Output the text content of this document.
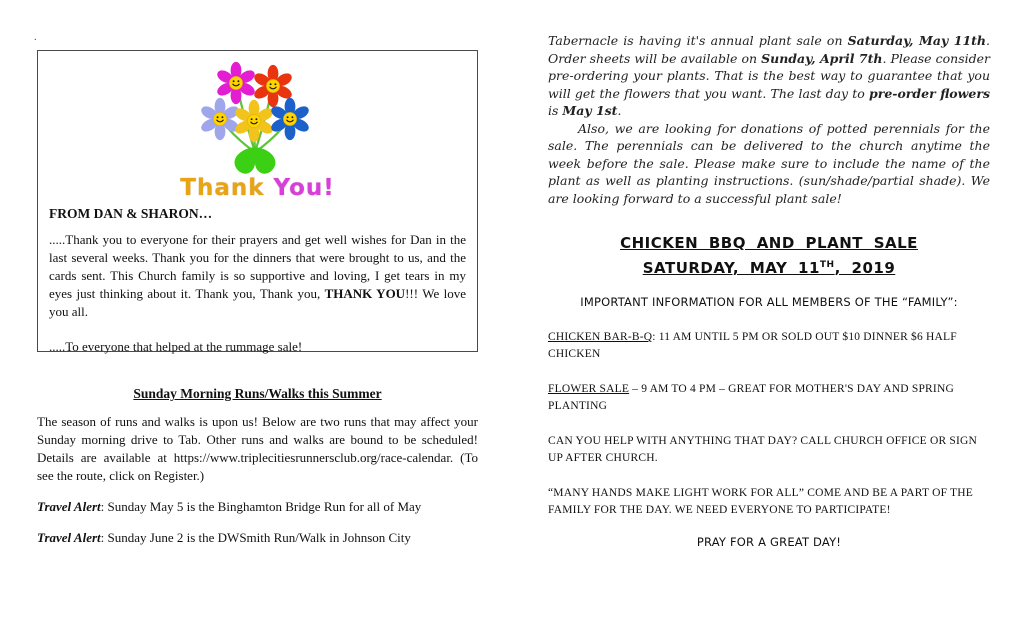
.
Thank You!

FROM DAN & SHARON…

.....Thank you to everyone for their prayers and get well wishes for Dan in the last several weeks. Thank you for the dinners that were brought to us, and the cards sent. This Church family is so supportive and loving, I get tears in my eyes just thinking about it. Thank you, Thank you, THANK YOU!!! We love you all.

.....To everyone that helped at the rummage sale!

Sunday Morning Runs/Walks this Summer

The season of runs and walks is upon us! Below are two runs that may affect your Sunday morning drive to Tab. Other runs and walks are bound to be scheduled! Details are available at https://www.triplecitiesrunnersclub.org/race-calendar. (To see the route, click on Register.)

Travel Alert: Sunday May 5 is the Binghamton Bridge Run for all of May

Travel Alert: Sunday June 2 is the DWSmith Run/Walk in Johnson City

Tabernacle is having it's annual plant sale on Saturday, May 11th. Order sheets will be available on Sunday, April 7th. Please consider pre-ordering your plants. That is the best way to guarantee that you will get the flowers that you want. The last day to pre-order flowers is May 1st.

Also, we are looking for donations of potted perennials for the sale. The perennials can be delivered to the church anytime the week before the sale. Please make sure to include the name of the plant as well as planting instructions. (sun/shade/partial shade). We are looking forward to a successful plant sale!

CHICKEN BBQ AND PLANT SALE
SATURDAY, MAY 11TH, 2019

IMPORTANT INFORMATION FOR ALL MEMBERS OF THE “FAMILY”:

CHICKEN BAR-B-Q: 11 AM UNTIL 5 PM OR SOLD OUT $10 DINNER $6 HALF CHICKEN

FLOWER SALE – 9 AM TO 4 PM – GREAT FOR MOTHER'S DAY AND SPRING PLANTING

CAN YOU HELP WITH ANYTHING THAT DAY? CALL CHURCH OFFICE OR SIGN UP AFTER CHURCH.

“MANY HANDS MAKE LIGHT WORK FOR ALL” COME AND BE A PART OF THE FAMILY FOR THE DAY. WE NEED EVERYONE TO PARTICIPATE!

PRAY FOR A GREAT DAY!
